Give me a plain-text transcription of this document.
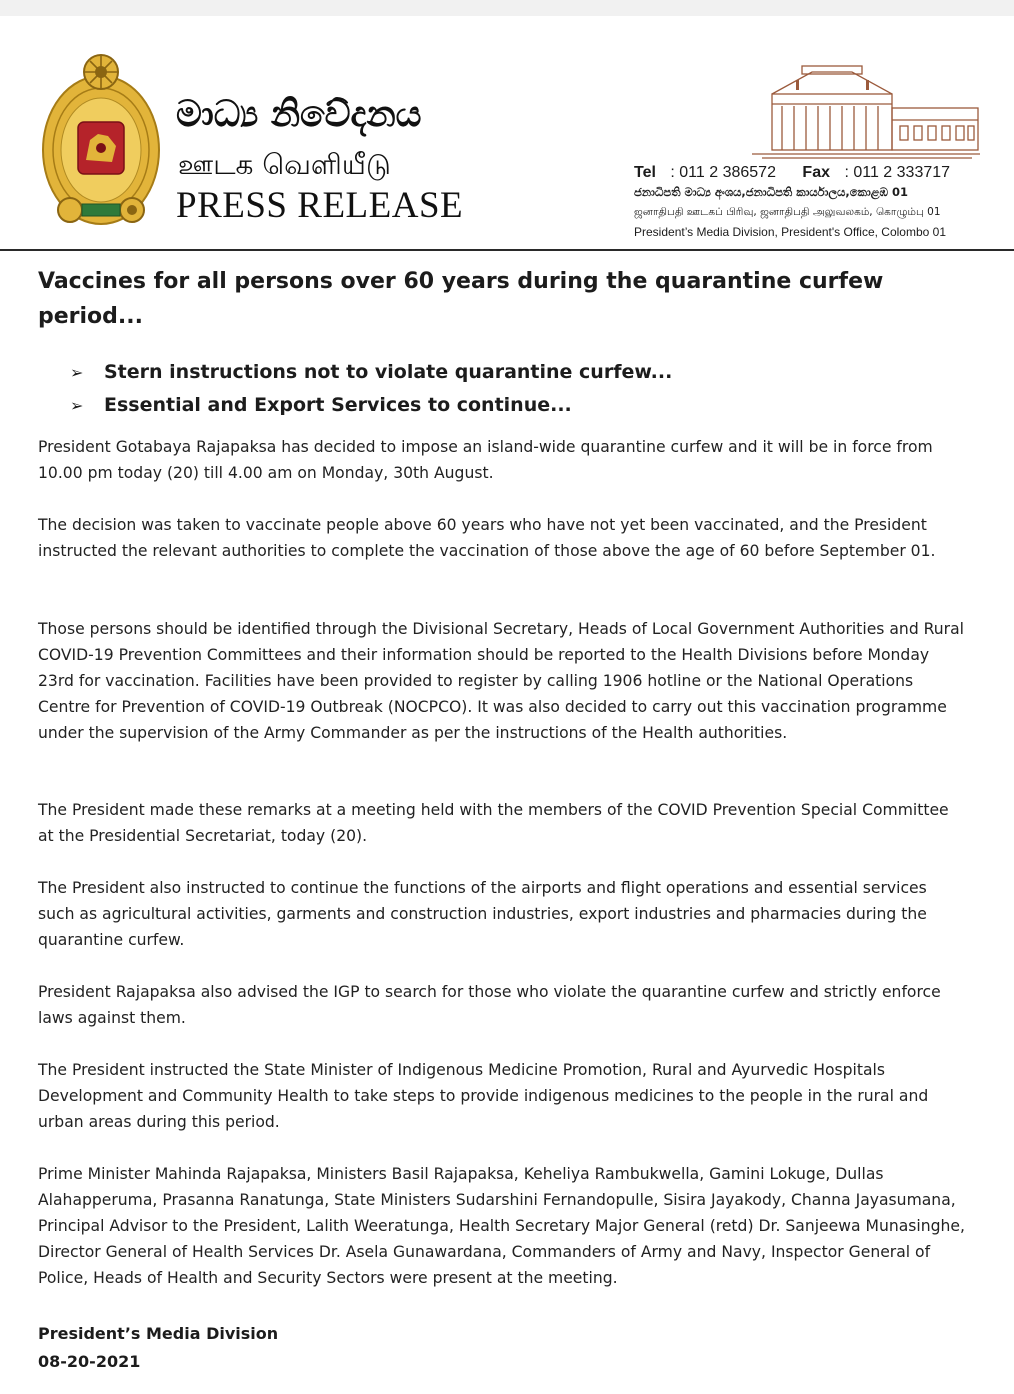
මාධ්‍ය නිවේදනය
ஊடக வெளியீடு
PRESS RELEASE
Tel : 011 2 386572 Fax : 011 2 333717
ජනාධිපති මාධ්‍ය අංශය,ජනාධිපති කාර්යාලය,කොළඹ 01
ஜனாதிபதி ஊடகப் பிரிவு, ஜனாதிபதி அலுவலகம், கொழும்பு 01
President’s Media Division, President's Office, Colombo 01
Vaccines for all persons over 60 years during the quarantine curfew period...
➢ Stern instructions not to violate quarantine curfew...
➢ Essential and Export Services to continue...

President Gotabaya Rajapaksa has decided to impose an island-wide quarantine curfew and it will be in force from 10.00 pm today (20) till 4.00 am on Monday, 30th August.

The decision was taken to vaccinate people above 60 years who have not yet been vaccinated, and the President instructed the relevant authorities to complete the vaccination of those above the age of 60 before September 01.

Those persons should be identified through the Divisional Secretary, Heads of Local Government Authorities and Rural COVID-19 Prevention Committees and their information should be reported to the Health Divisions before Monday 23rd for vaccination. Facilities have been provided to register by calling 1906 hotline or the National Operations Centre for Prevention of COVID-19 Outbreak (NOCPCO). It was also decided to carry out this vaccination programme under the supervision of the Army Commander as per the instructions of the Health authorities.

The President made these remarks at a meeting held with the members of the COVID Prevention Special Committee at the Presidential Secretariat, today (20).

The President also instructed to continue the functions of the airports and flight operations and essential services such as agricultural activities, garments and construction industries, export industries and pharmacies during the quarantine curfew.

President Rajapaksa also advised the IGP to search for those who violate the quarantine curfew and strictly enforce laws against them.

The President instructed the State Minister of Indigenous Medicine Promotion, Rural and Ayurvedic Hospitals Development and Community Health to take steps to provide indigenous medicines to the people in the rural and urban areas during this period.

Prime Minister Mahinda Rajapaksa, Ministers Basil Rajapaksa, Keheliya Rambukwella, Gamini Lokuge, Dullas Alahapperuma, Prasanna Ranatunga, State Ministers Sudarshini Fernandopulle, Sisira Jayakody, Channa Jayasumana, Principal Advisor to the President, Lalith Weeratunga, Health Secretary Major General (retd) Dr. Sanjeewa Munasinghe, Director General of Health Services Dr. Asela Gunawardana, Commanders of Army and Navy, Inspector General of Police, Heads of Health and Security Sectors were present at the meeting.

President’s Media Division
08-20-2021
